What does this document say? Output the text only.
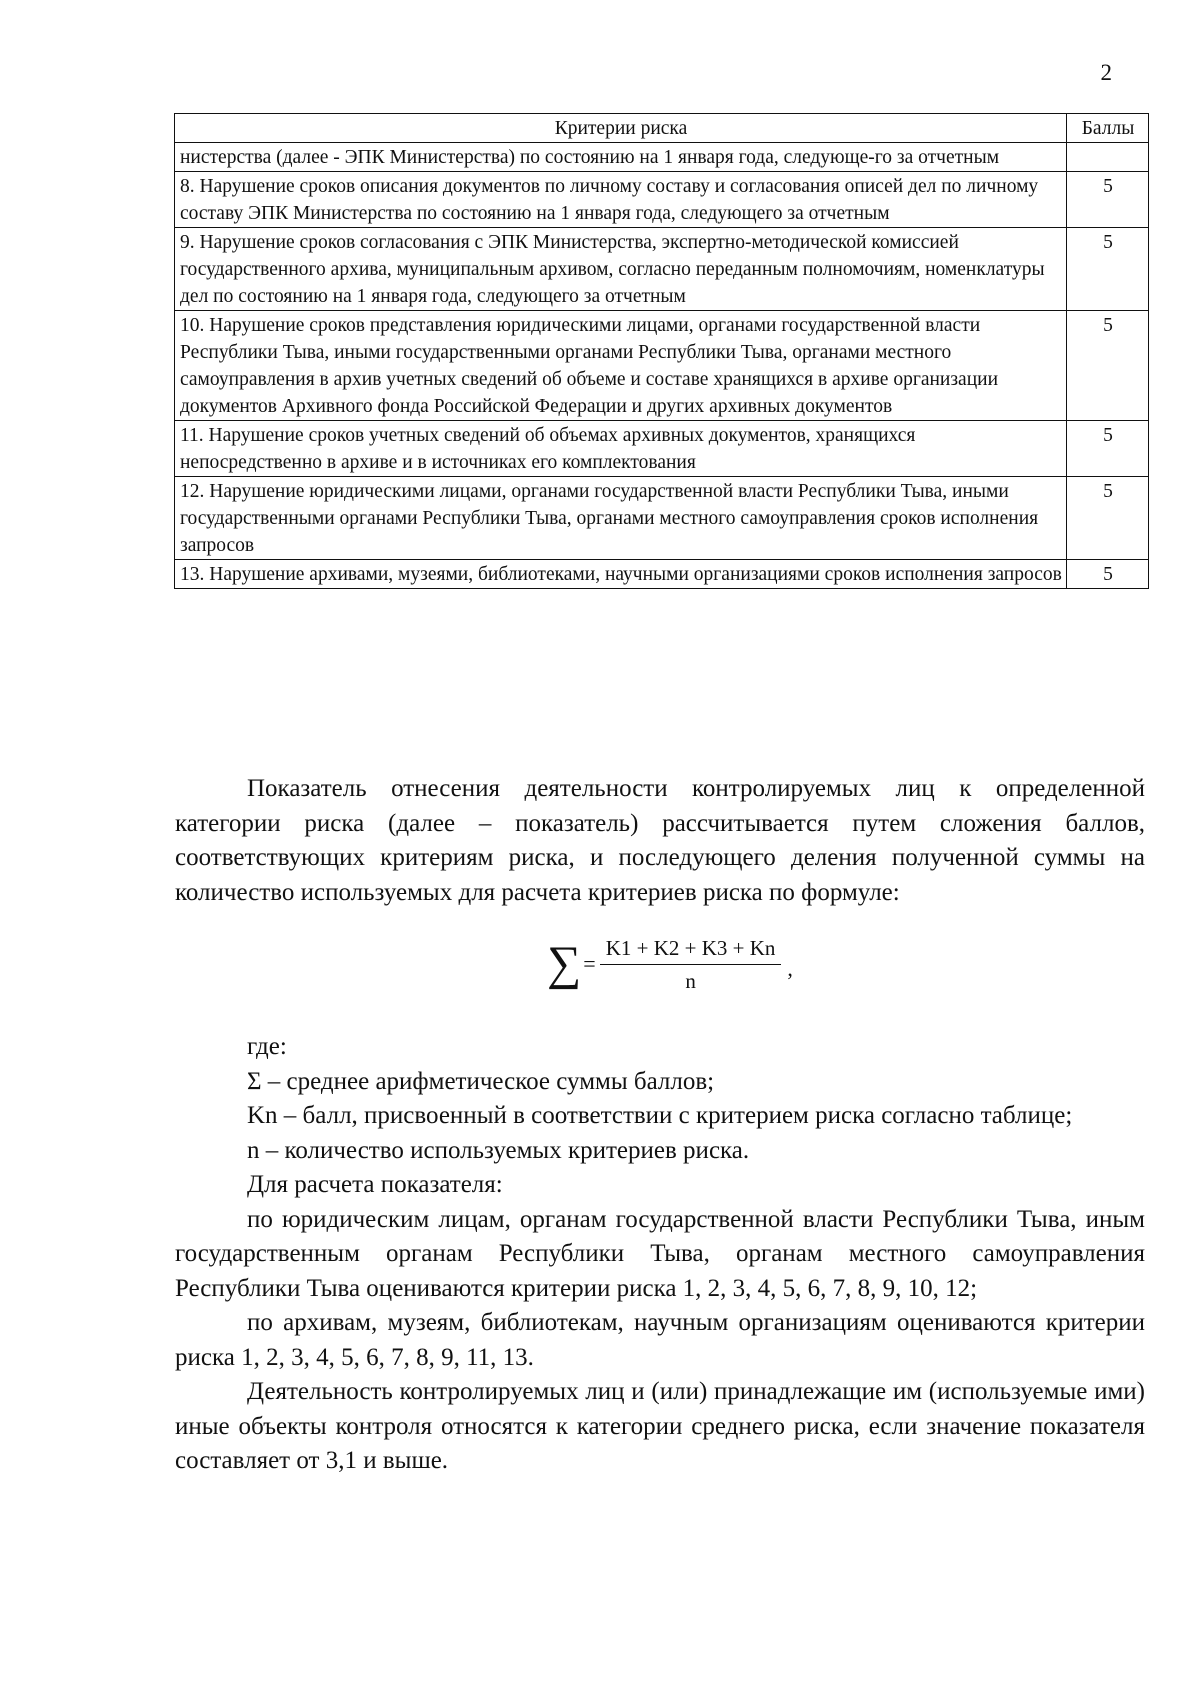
2
Критерии риска	Баллы
нистерства (далее - ЭПК Министерства) по состоянию на 1 января года, следующе-го за отчетным	
8. Нарушение сроков описания документов по личному составу и согласования описей дел по личному составу ЭПК Министерства по состоянию на 1 января года, следующего за отчетным	5
9. Нарушение сроков согласования с ЭПК Министерства, экспертно-методической комиссией государственного архива, муниципальным архивом, согласно переданным полномочиям, номенклатуры дел по состоянию на 1 января года, следующего за отчетным	5
10. Нарушение сроков представления юридическими лицами, органами государственной власти Республики Тыва, иными государственными органами Республики Тыва, органами местного самоуправления в архив учетных сведений об объеме и составе хранящихся в архиве организации документов Архивного фонда Российской Федерации и других архивных документов	5
11. Нарушение сроков учетных сведений об объемах архивных документов, хранящихся непосредственно в архиве и в источниках его комплектования	5
12. Нарушение юридическими лицами, органами государственной власти Республики Тыва, иными государственными органами Республики Тыва, органами местного самоуправления сроков исполнения запросов	5
13. Нарушение архивами, музеями, библиотеками, научными организациями сроков исполнения запросов	5

Показатель отнесения деятельности контролируемых лиц к определенной категории риска (далее – показатель) рассчитывается путем сложения баллов, соответствующих критериям риска, и последующего деления полученной суммы на количество используемых для расчета критериев риска по формуле:

∑ = $\frac{K1 + K2 + K3 + Kn}{n}$ ,

где:

Σ – среднее арифметическое суммы баллов;

Kn – балл, присвоенный в соответствии с критерием риска согласно таблице;

n – количество используемых критериев риска.

Для расчета показателя:

по юридическим лицам, органам государственной власти Республики Тыва, иным государственным органам Республики Тыва, органам местного самоуправления Республики Тыва оцениваются критерии риска 1, 2, 3, 4, 5, 6, 7, 8, 9, 10, 12;

по архивам, музеям, библиотекам, научным организациям оцениваются критерии риска 1, 2, 3, 4, 5, 6, 7, 8, 9, 11, 13.

Деятельность контролируемых лиц и (или) принадлежащие им (используемые ими) иные объекты контроля относятся к категории среднего риска, если значение показателя составляет от 3,1 и выше.
